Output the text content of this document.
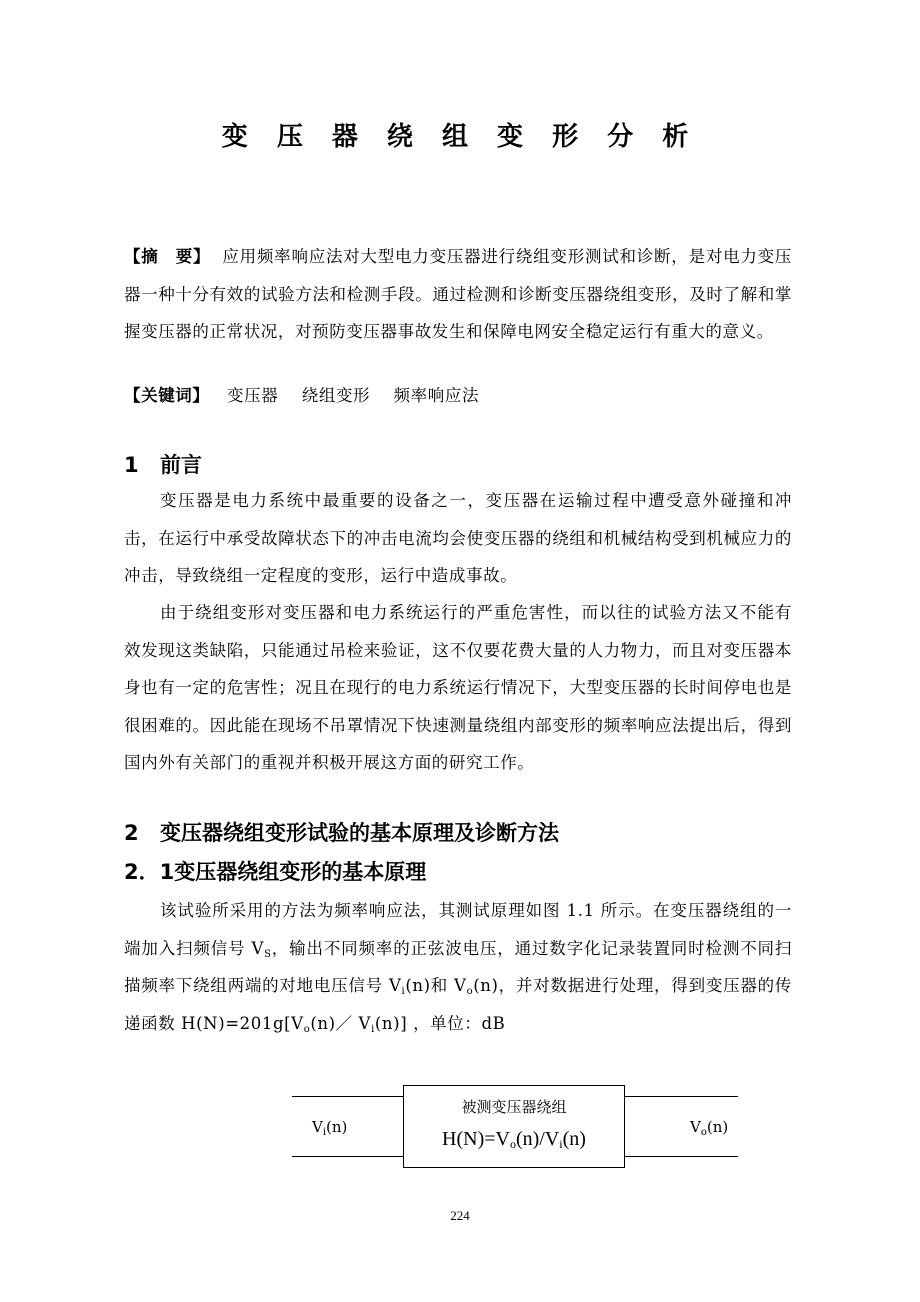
变 压 器 绕 组 变 形 分 析
【摘　要】 应用频率响应法对大型电力变压器进行绕组变形测试和诊断，是对电力变压器一种十分有效的试验方法和检测手段。通过检测和诊断变压器绕组变形，及时了解和掌握变压器的正常状况，对预防变压器事故发生和保障电网安全稳定运行有重大的意义。
【关键词】 变压器 绕组变形 频率响应法
1 前言
变压器是电力系统中最重要的设备之一，变压器在运输过程中遭受意外碰撞和冲击，在运行中承受故障状态下的冲击电流均会使变压器的绕组和机械结构受到机械应力的冲击，导致绕组一定程度的变形，运行中造成事故。
由于绕组变形对变压器和电力系统运行的严重危害性，而以往的试验方法又不能有效发现这类缺陷，只能通过吊检来验证，这不仅要花费大量的人力物力，而且对变压器本身也有一定的危害性；况且在现行的电力系统运行情况下，大型变压器的长时间停电也是很困难的。因此能在现场不吊罩情况下快速测量绕组内部变形的频率响应法提出后，得到国内外有关部门的重视并积极开展这方面的研究工作。
2 变压器绕组变形试验的基本原理及诊断方法
2．1变压器绕组变形的基本原理
该试验所采用的方法为频率响应法，其测试原理如图 1.1 所示。在变压器绕组的一端加入扫频信号 $V_S$，输出不同频率的正弦波电压，通过数字化记录装置同时检测不同扫描频率下绕组两端的对地电压信号 $V_i(n)$和 $V_o(n)$，并对数据进行处理，得到变压器的传递函数 $H(N)=201g[V_o(n)/$ $V_i(n)$] ，单位：dB
被测变压器绕组
$H(N)=V_o(n)/V_i(n)$
$V_i(n)$	$V_o(n)$
224
